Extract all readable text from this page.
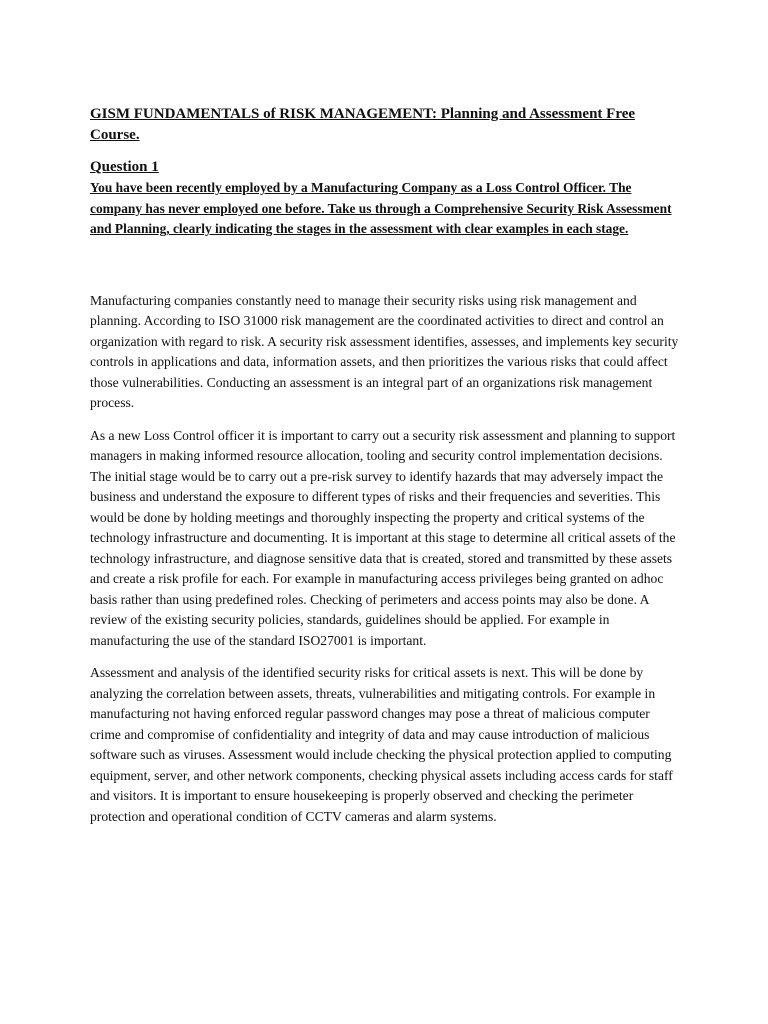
GISM FUNDAMENTALS of RISK MANAGEMENT: Planning and Assessment Free Course.
Question 1

You have been recently employed by a Manufacturing Company as a Loss Control Officer. The company has never employed one before. Take us through a Comprehensive Security Risk Assessment and Planning, clearly indicating the stages in the assessment with clear examples in each stage.

Manufacturing companies constantly need to manage their security risks using risk management and planning. According to ISO 31000 risk management are the coordinated activities to direct and control an organization with regard to risk. A security risk assessment identifies, assesses, and implements key security controls in applications and data, information assets, and then prioritizes the various risks that could affect those vulnerabilities. Conducting an assessment is an integral part of an organizations risk management process.

As a new Loss Control officer it is important to carry out a security risk assessment and planning to support managers in making informed resource allocation, tooling and security control implementation decisions. The initial stage would be to carry out a pre-risk survey to identify hazards that may adversely impact the business and understand the exposure to different types of risks and their frequencies and severities. This would be done by holding meetings and thoroughly inspecting the property and critical systems of the technology infrastructure and documenting. It is important at this stage to determine all critical assets of the technology infrastructure, and diagnose sensitive data that is created, stored and transmitted by these assets and create a risk profile for each. For example in manufacturing access privileges being granted on adhoc basis rather than using predefined roles. Checking of perimeters and access points may also be done. A review of the existing security policies, standards, guidelines should be applied. For example in manufacturing the use of the standard ISO27001 is important.

Assessment and analysis of the identified security risks for critical assets is next. This will be done by analyzing the correlation between assets, threats, vulnerabilities and mitigating controls. For example in manufacturing not having enforced regular password changes may pose a threat of malicious computer crime and compromise of confidentiality and integrity of data and may cause introduction of malicious software such as viruses. Assessment would include checking the physical protection applied to computing equipment, server, and other network components, checking physical assets including access cards for staff and visitors. It is important to ensure housekeeping is properly observed and checking the perimeter protection and operational condition of CCTV cameras and alarm systems.
